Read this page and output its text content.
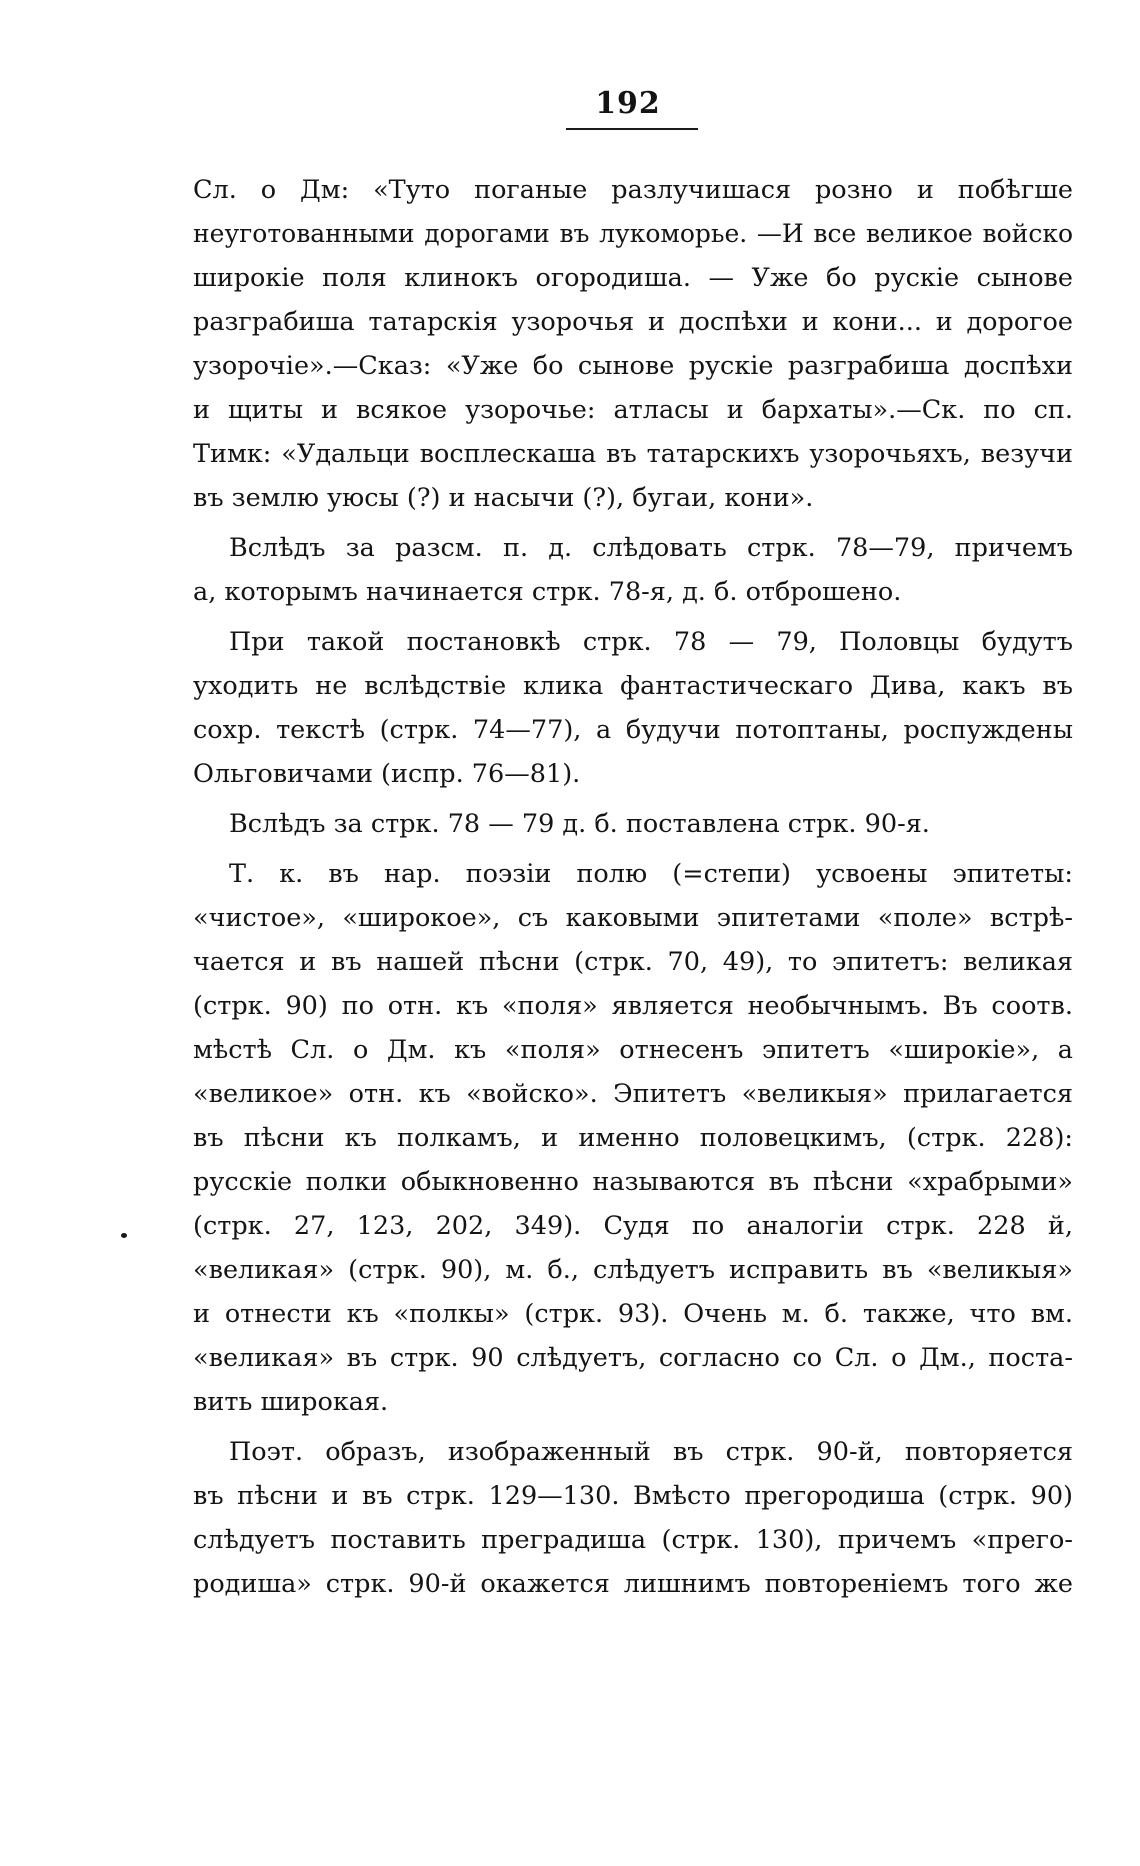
192
Сл. о Дм: «Туто поганые разлучишася розно и побѣгше
неуготованными дорогами въ лукоморье. —И все великое войско
широкіе поля клинокъ огородиша. — Уже бо рускіе сынове
разграбиша татарскія узорочья и доспѣхи и кони... и дорогое
узорочіе».—Сказ: «Уже бо сынове рускіе разграбиша доспѣхи
и щиты и всякое узорочье: атласы и бархаты».—Ск. по сп.
Тимк: «Удальци восплескаша въ татарскихъ узорочьяхъ, везучи
въ землю уюсы (?) и насычи (?), бугаи, кони».
Вслѣдъ за разсм. п. д. слѣдовать стрк. 78—79, причемъ
а, которымъ начинается стрк. 78-я, д. б. отброшено.
При такой постановкѣ стрк. 78 — 79, Половцы будутъ
уходить не вслѣдствіе клика фантастическаго Дива, какъ въ
сохр. текстѣ (стрк. 74—77), а будучи потоптаны, роспуждены
Ольговичами (испр. 76—81).
Вслѣдъ за стрк. 78 — 79 д. б. поставлена стрк. 90-я.
Т. к. въ нар. поэзіи полю (=степи) усвоены эпитеты:
«чистое», «широкое», съ каковыми эпитетами «поле» встрѣ-
чается и въ нашей пѣсни (стрк. 70, 49), то эпитетъ: великая
(стрк. 90) по отн. къ «поля» является необычнымъ. Въ соотв.
мѣстѣ Сл. о Дм. къ «поля» отнесенъ эпитетъ «широкіе», а
«великое» отн. къ «войско». Эпитетъ «великыя» прилагается
въ пѣсни къ полкамъ, и именно половецкимъ, (стрк. 228):
русскіе полки обыкновенно называются въ пѣсни «храбрыми»
(стрк. 27, 123, 202, 349). Судя по аналогіи стрк. 228 й,
«великая» (стрк. 90), м. б., слѣдуетъ исправить въ «великыя»
и отнести къ «полкы» (стрк. 93). Очень м. б. также, что вм.
«великая» въ стрк. 90 слѣдуетъ, согласно со Сл. о Дм., поста-
вить широкая.
Поэт. образъ, изображенный въ стрк. 90-й, повторяется
въ пѣсни и въ стрк. 129—130. Вмѣсто прегородиша (стрк. 90)
слѣдуетъ поставить преградиша (стрк. 130), причемъ «прего-
родиша» стрк. 90-й окажется лишнимъ повтореніемъ того же
